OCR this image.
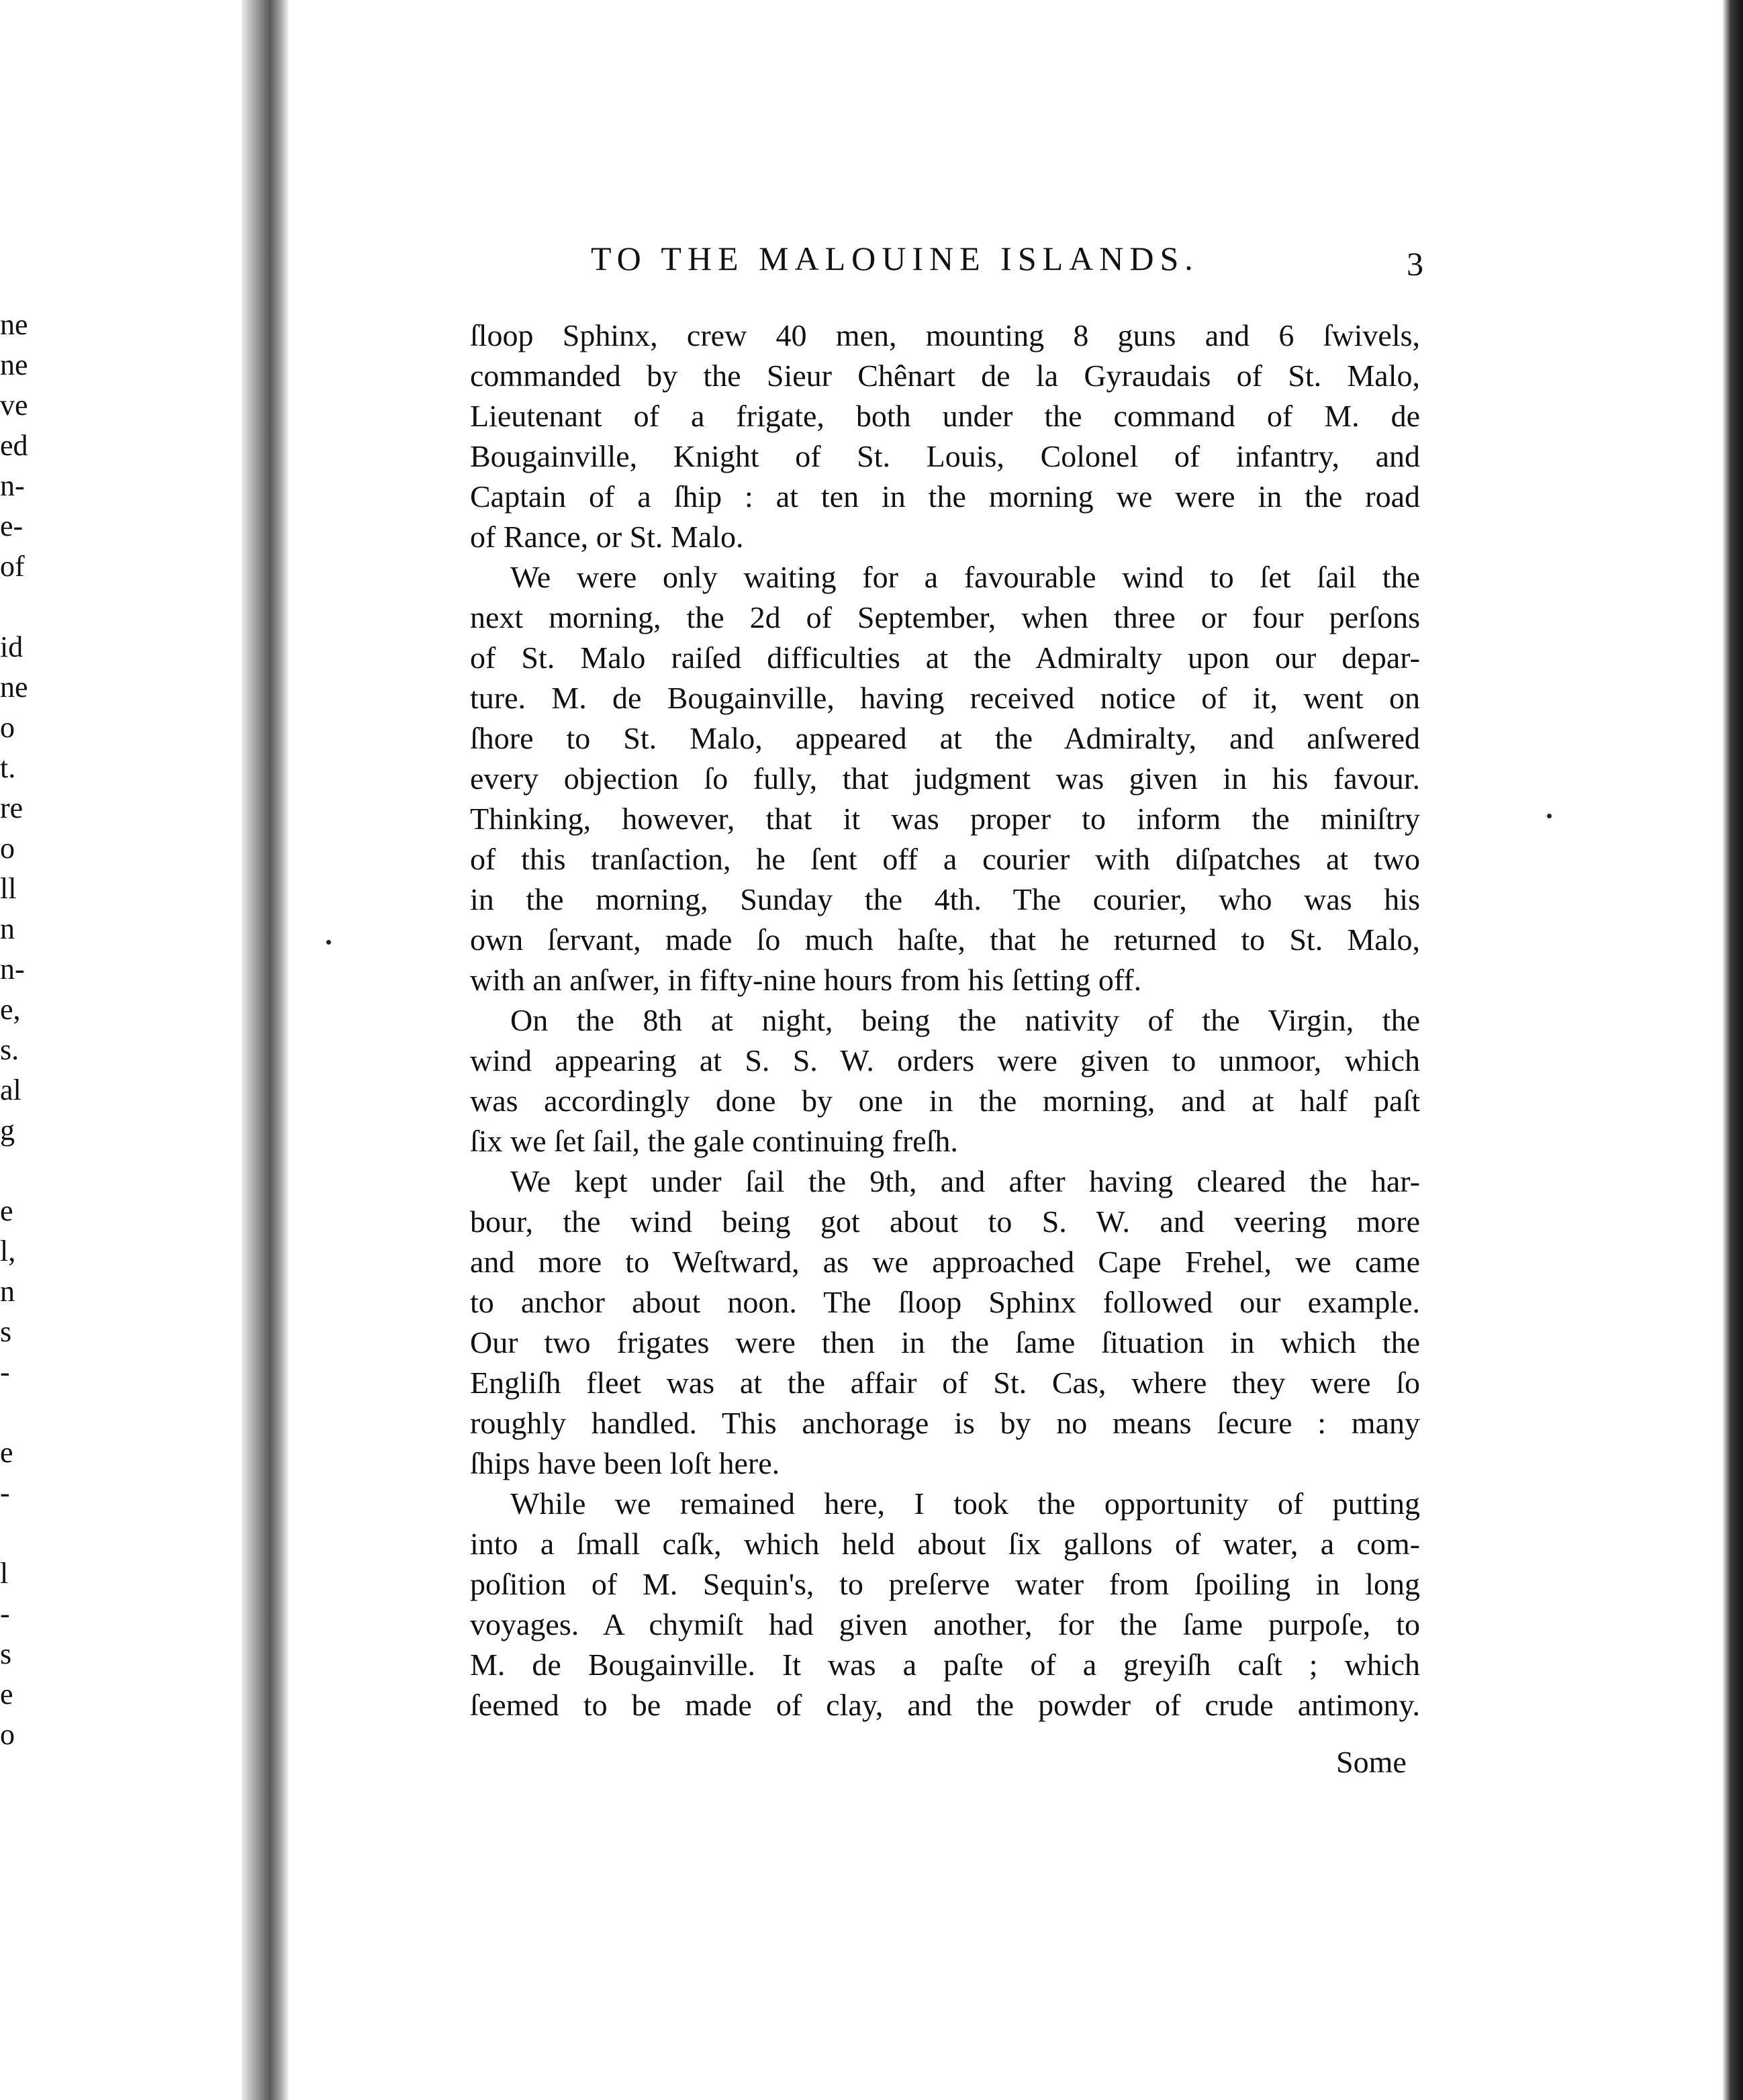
ne
ne
ve
ed
n-
e-
of
id
ne
o
t.
re
o
ll
n
n-
e,
s.
al
g
e
l,
n
s
-
e
-
l
-
s
e
o
TO THE MALOUINE ISLANDS.	3
ſloop Sphinx, crew 40 men, mounting 8 guns and 6 ſwivels,
commanded by the Sieur Chênart de la Gyraudais of St. Malo,
Lieutenant of a frigate, both under the command of M. de
Bougainville, Knight of St. Louis, Colonel of infantry, and
Captain of a ſhip : at ten in the morning we were in the road
of Rance, or St. Malo.
We were only waiting for a favourable wind to ſet ſail the
next morning, the 2d of September, when three or four perſons
of St. Malo raiſed difficulties at the Admiralty upon our depar-
ture. M. de Bougainville, having received notice of it, went on
ſhore to St. Malo, appeared at the Admiralty, and anſwered
every objection ſo fully, that judgment was given in his favour.
Thinking, however, that it was proper to inform the miniſtry
of this tranſaction, he ſent off a courier with diſpatches at two
in the morning, Sunday the 4th. The courier, who was his
own ſervant, made ſo much haſte, that he returned to St. Malo,
with an anſwer, in fifty-nine hours from his ſetting off.
On the 8th at night, being the nativity of the Virgin, the
wind appearing at S. S. W. orders were given to unmoor, which
was accordingly done by one in the morning, and at half paſt
ſix we ſet ſail, the gale continuing freſh.
We kept under ſail the 9th, and after having cleared the har-
bour, the wind being got about to S. W. and veering more
and more to Weſtward, as we approached Cape Frehel, we came
to anchor about noon. The ſloop Sphinx followed our example.
Our two frigates were then in the ſame ſituation in which the
Engliſh fleet was at the affair of St. Cas, where they were ſo
roughly handled. This anchorage is by no means ſecure : many
ſhips have been loſt here.
While we remained here, I took the opportunity of putting
into a ſmall caſk, which held about ſix gallons of water, a com-
poſition of M. Sequin's, to preſerve water from ſpoiling in long
voyages. A chymiſt had given another, for the ſame purpoſe, to
M. de Bougainville. It was a paſte of a greyiſh caſt ; which
ſeemed to be made of clay, and the powder of crude antimony.
Some
